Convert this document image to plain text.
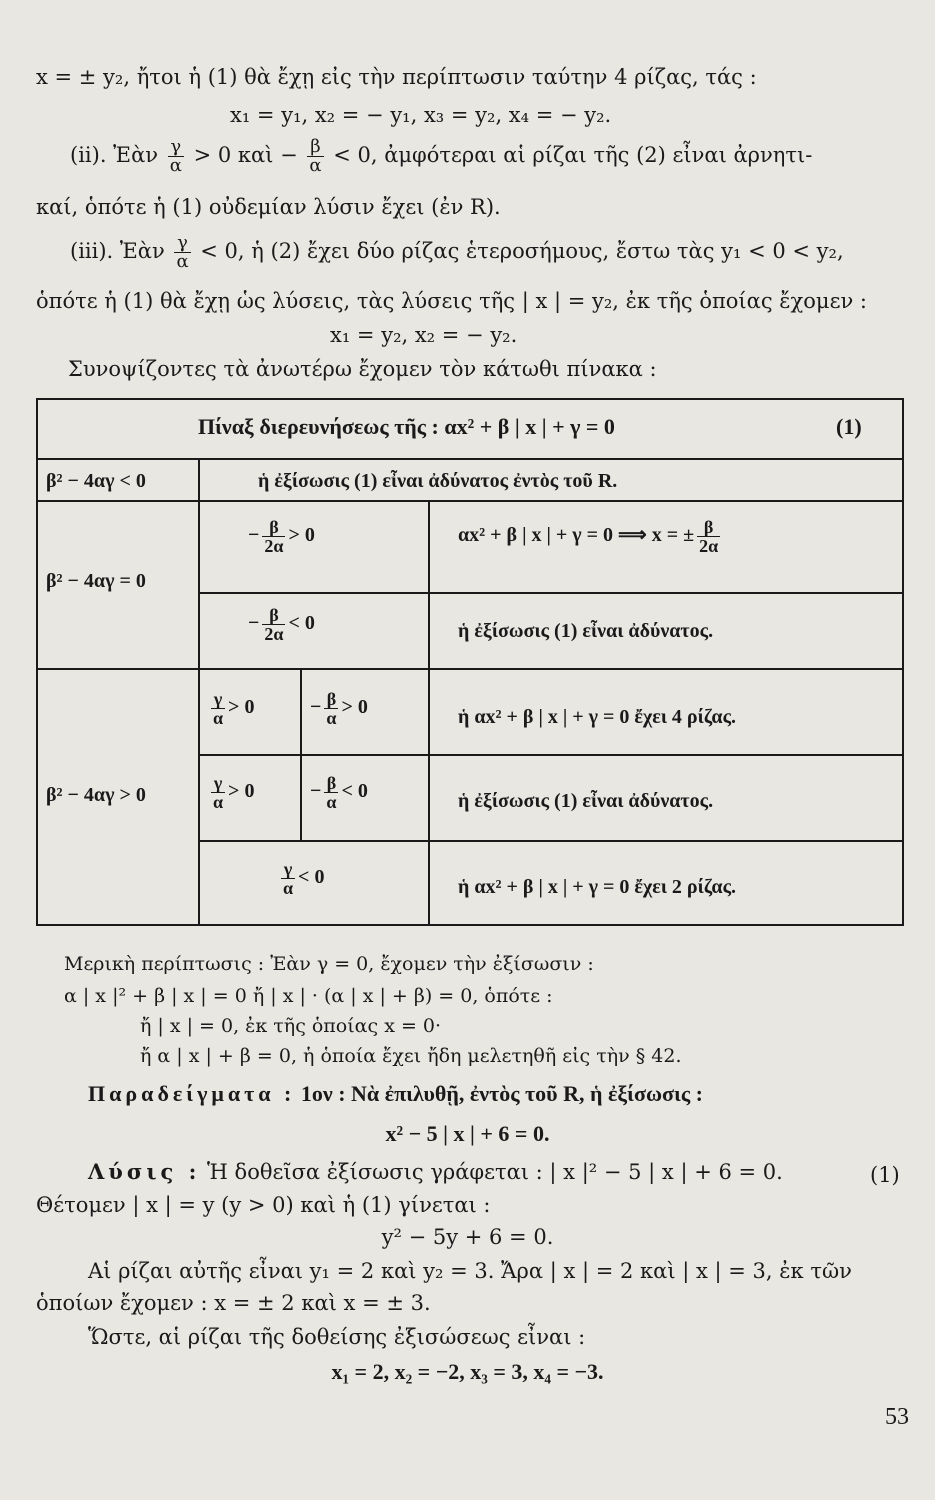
x = ± y₂, ἤτοι ἡ (1) θὰ ἔχῃ εἰς τὴν περίπτωσιν ταύτην 4 ρίζας, τάς :
x₁ = y₁, x₂ = − y₁, x₃ = y₂, x₄ = − y₂.
(ii). Ἐὰν $\frac{\gamma}{\alpha} > 0$ καὶ − $\frac{\beta}{\alpha} < 0$, ἀμφότεραι αἱ ρίζαι τῆς (2) εἶναι ἀρνητι-
καί, ὁπότε ἡ (1) οὐδεμίαν λύσιν ἔχει (ἐν R).
(iii). Ἐὰν $\frac{\gamma}{\alpha} < 0$, ἡ (2) ἔχει δύο ρίζας ἑτεροσήμους, ἔστω τὰς y₁ < 0 < y₂,
ὁπότε ἡ (1) θὰ ἔχῃ ὡς λύσεις, τὰς λύσεις τῆς | x | = y₂, ἐκ τῆς ὁποίας ἔχομεν :
x₁ = y₂, x₂ = − y₂.
Συνοψίζοντες τὰ ἀνωτέρω ἔχομεν τὸν κάτωθι πίνακα :
Πίναξ διερευνήσεως τῆς : αx² + β | x | + γ = 0	(1)
β² − 4αγ < 0	ἡ ἐξίσωσις (1) εἶναι ἀδύνατος ἐντὸς τοῦ R.
β² − 4αγ = 0
− $\frac{\beta}{2\alpha} > 0$	αx² + β | x | + γ = 0 ⟹ x = ± $\frac{\beta}{2\alpha}$
− $\frac{\beta}{2\alpha} < 0$	ἡ ἐξίσωσις (1) εἶναι ἀδύνατος.
β² − 4αγ > 0
$\frac{\gamma}{\alpha} > 0$	− $\frac{\beta}{\alpha} > 0$	ἡ αx² + β | x | + γ = 0 ἔχει 4 ρίζας.
$\frac{\gamma}{\alpha} > 0$	− $\frac{\beta}{\alpha} < 0$	ἡ ἐξίσωσις (1) εἶναι ἀδύνατος.
$\frac{\gamma}{\alpha} < 0$	ἡ αx² + β | x | + γ = 0 ἔχει 2 ρίζας.
Μερικὴ περίπτωσις : Ἐὰν γ = 0, ἔχομεν τὴν ἐξίσωσιν :
α | x |² + β | x | = 0 ἤ | x | · (α | x | + β) = 0, ὁπότε :
ἤ | x | = 0, ἐκ τῆς ὁποίας x = 0·
ἤ α | x | + β = 0, ἡ ὁποία ἔχει ἤδη μελετηθῆ εἰς τὴν § 42.
Παραδείγματα : 1ον : Νὰ ἐπιλυθῇ, ἐντὸς τοῦ R, ἡ ἐξίσωσις :
x² − 5 | x | + 6 = 0.
Λύσις : Ἡ δοθεῖσα ἐξίσωσις γράφεται : | x |² − 5 | x | + 6 = 0.	(1)
Θέτομεν | x | = y (y > 0) καὶ ἡ (1) γίνεται :
y² − 5y + 6 = 0.
Αἱ ρίζαι αὐτῆς εἶναι y₁ = 2 καὶ y₂ = 3. Ἄρα | x | = 2 καὶ | x | = 3, ἐκ τῶν
ὁποίων ἔχομεν : x = ± 2 καὶ x = ± 3.
Ὥστε, αἱ ρίζαι τῆς δοθείσης ἐξισώσεως εἶναι :
x₁ = 2, x₂ = −2, x₃ = 3, x₄ = −3.
53
